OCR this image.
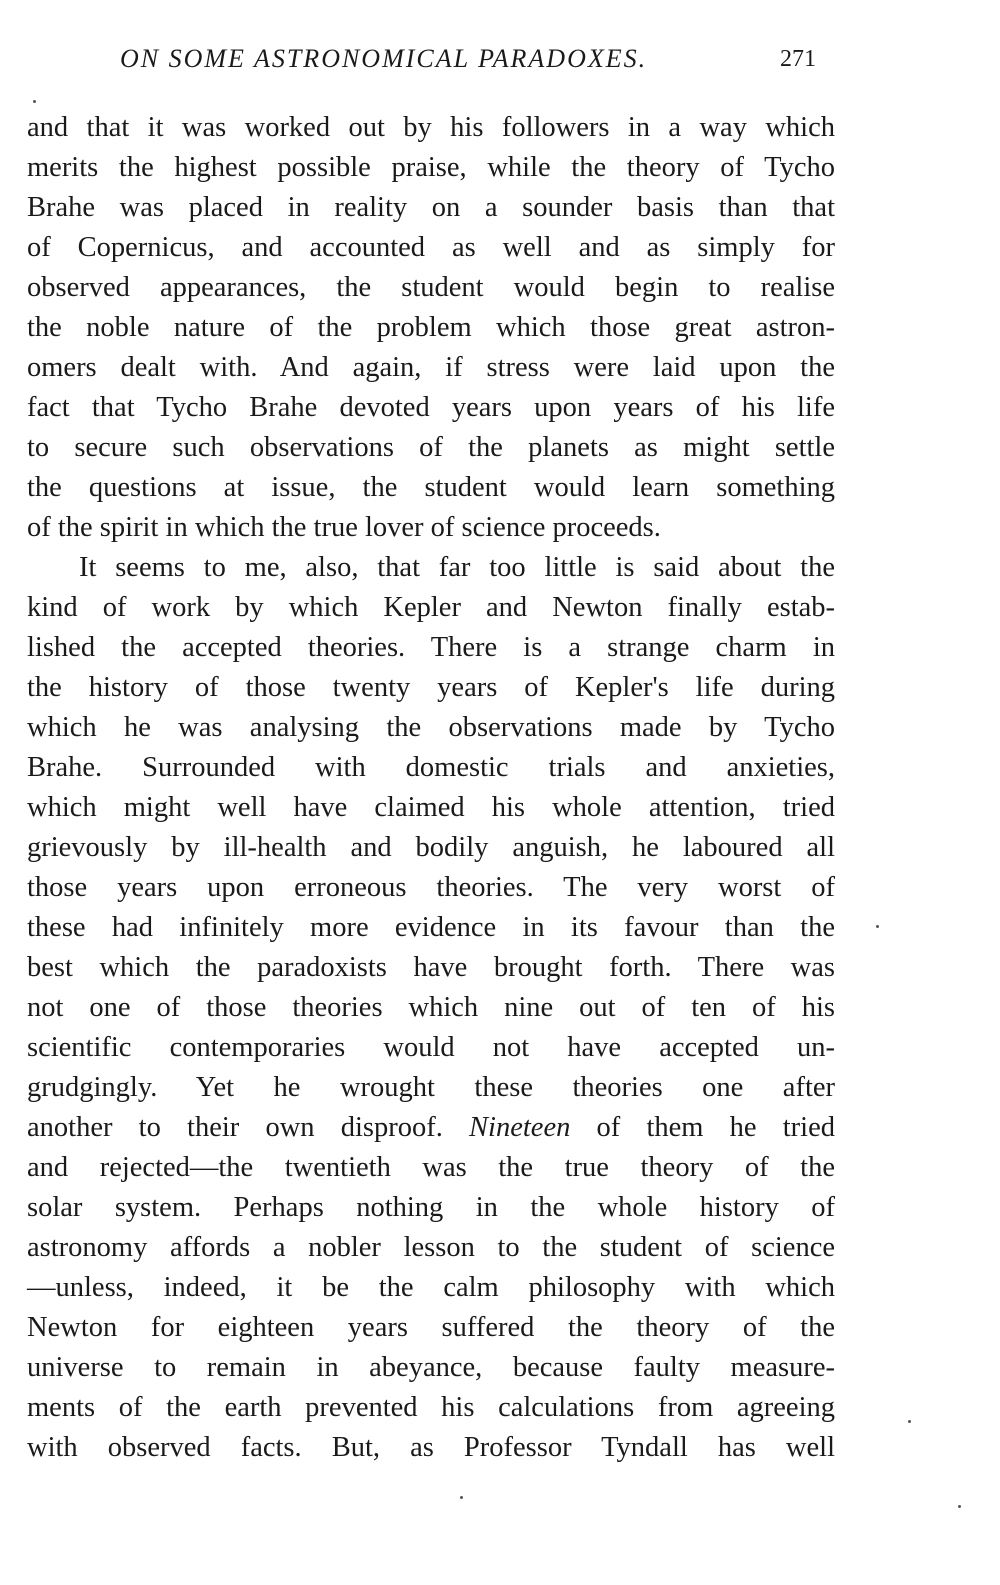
ON SOME ASTRONOMICAL PARADOXES.	271
and that it was worked out by his followers in a way which
merits the highest possible praise, while the theory of Tycho
Brahe was placed in reality on a sounder basis than that
of Copernicus, and accounted as well and as simply for
observed appearances, the student would begin to realise
the noble nature of the problem which those great astron-
omers dealt with. And again, if stress were laid upon the
fact that Tycho Brahe devoted years upon years of his life
to secure such observations of the planets as might settle
the questions at issue, the student would learn something
of the spirit in which the true lover of science proceeds.
It seems to me, also, that far too little is said about the
kind of work by which Kepler and Newton finally estab-
lished the accepted theories. There is a strange charm in
the history of those twenty years of Kepler's life during
which he was analysing the observations made by Tycho
Brahe. Surrounded with domestic trials and anxieties,
which might well have claimed his whole attention, tried
grievously by ill-health and bodily anguish, he laboured all
those years upon erroneous theories. The very worst of
these had infinitely more evidence in its favour than the
best which the paradoxists have brought forth. There was
not one of those theories which nine out of ten of his
scientific contemporaries would not have accepted un-
grudgingly. Yet he wrought these theories one after
another to their own disproof. Nineteen of them he tried
and rejected—the twentieth was the true theory of the
solar system. Perhaps nothing in the whole history of
astronomy affords a nobler lesson to the student of science
—unless, indeed, it be the calm philosophy with which
Newton for eighteen years suffered the theory of the
universe to remain in abeyance, because faulty measure-
ments of the earth prevented his calculations from agreeing
with observed facts. But, as Professor Tyndall has well
